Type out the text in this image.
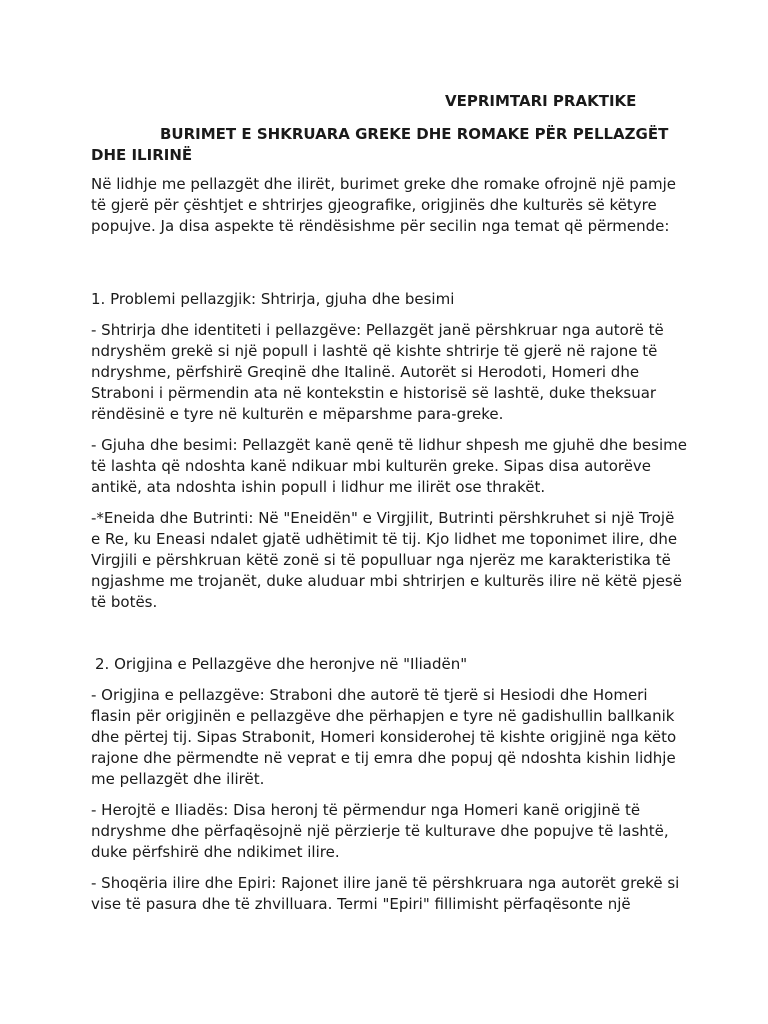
VEPRIMTARI PRAKTIKE
BURIMET E SHKRUARA GREKE DHE ROMAKE PËR PELLAZGËT DHE ILIRINË

Në lidhje me pellazgët dhe ilirët, burimet greke dhe romake ofrojnë një pamje të gjerë për çështjet e shtrirjes gjeografike, origjinës dhe kulturës së këtyre popujve. Ja disa aspekte të rëndësishme për secilin nga temat që përmende:

1. Problemi pellazgjik: Shtrirja, gjuha dhe besimi

- Shtrirja dhe identiteti i pellazgëve: Pellazgët janë përshkruar nga autorë të ndryshëm grekë si një popull i lashtë që kishte shtrirje të gjerë në rajone të ndryshme, përfshirë Greqinë dhe Italinë. Autorët si Herodoti, Homeri dhe Straboni i përmendin ata në kontekstin e historisë së lashtë, duke theksuar rëndësinë e tyre në kulturën e mëparshme para-greke.

- Gjuha dhe besimi: Pellazgët kanë qenë të lidhur shpesh me gjuhë dhe besime të lashta që ndoshta kanë ndikuar mbi kulturën greke. Sipas disa autorëve antikë, ata ndoshta ishin popull i lidhur me ilirët ose thrakët.

-*Eneida dhe Butrinti: Në "Eneidën" e Virgjilit, Butrinti përshkruhet si një Trojë e Re, ku Eneasi ndalet gjatë udhëtimit të tij. Kjo lidhet me toponimet ilire, dhe Virgjili e përshkruan këtë zonë si të populluar nga njerëz me karakteristika të ngjashme me trojanët, duke aluduar mbi shtrirjen e kulturës ilire në këtë pjesë të botës.

2. Origjina e Pellazgëve dhe heronjve në "Iliadën"

- Origjina e pellazgëve: Straboni dhe autorë të tjerë si Hesiodi dhe Homeri flasin për origjinën e pellazgëve dhe përhapjen e tyre në gadishullin ballkanik dhe përtej tij. Sipas Strabonit, Homeri konsiderohej të kishte origjinë nga këto rajone dhe përmendte në veprat e tij emra dhe popuj që ndoshta kishin lidhje me pellazgët dhe ilirët.

- Herojtë e Iliadës: Disa heronj të përmendur nga Homeri kanë origjinë të ndryshme dhe përfaqësojnë një përzierje të kulturave dhe popujve të lashtë, duke përfshirë dhe ndikimet ilire.

- Shoqëria ilire dhe Epiri: Rajonet ilire janë të përshkruara nga autorët grekë si vise të pasura dhe të zhvilluara. Termi "Epiri" fillimisht përfaqësonte një
